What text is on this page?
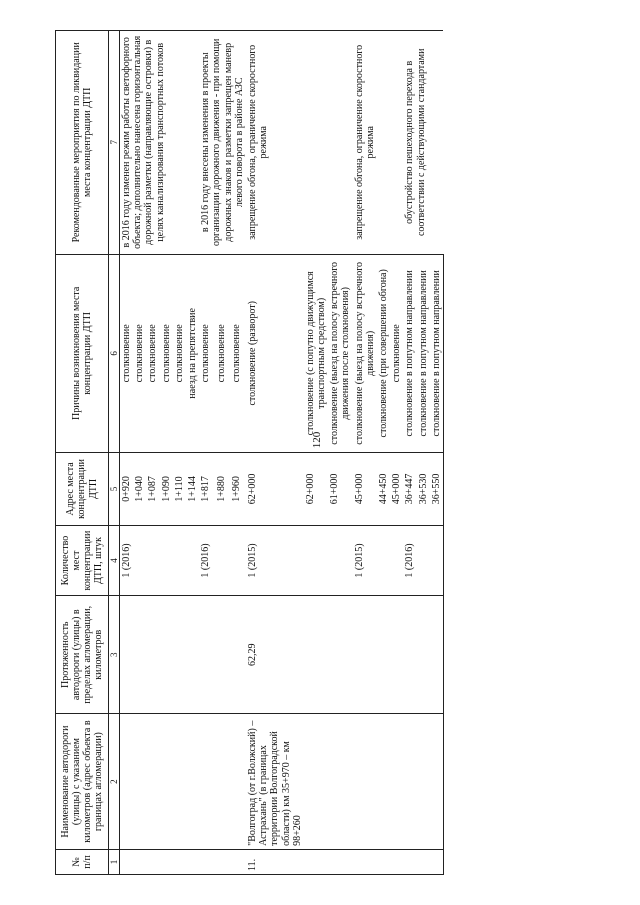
120
№ п/п	Наименование автодороги (улицы) с указанием километров (адрес объекта в границах агломерации)	Протяженность автодороги (улицы) в пределах агломерации, километров	Количество мест концентрации ДТП, штук	Адрес места концентрации ДТП	Причины возникновения места концентрации ДТП	Рекомендованные мероприятия по ликвидации места концентрации ДТП
1	2	3	4	5	6	7
			1 (2016)	0+920	столкновение	в 2016 году изменен режим работы светофорного объекта; дополнительно нанесена горизонтальная дорожной разметки (направляющие островки) в целях канализирования транспортных потоков
				1+040	столкновение	
				1+087	столкновение	
				1+090	столкновение	
				1+110	столкновение	
				1+144	наезд на препятствие	
			1 (2016)	1+817	столкновение	в 2016 году внесены изменения в проекты организации дорожного движения - при помощи дорожных знаков и разметки запрещен маневр левого поворота в районе АЗС
				1+880	столкновение	
				1+960	столкновение	
11.	"Волгоград (от г.Волжский) – Астрахань" (в границах территории Волгоградской области) км 35+970 – км 98+260	62,29	1 (2015)	62+000	столкновение (разворот)	запрещение обгона, ограничение скоростного режима
				62+000	столкновение (с попутно движущимся транспортным средством)	
				61+000	столкновение (выезд на полосу встречного движения после столкновения)	
			1 (2015)	45+000	столкновение (выезд на полосу встречного движения)	запрещение обгона, ограничение скоростного режима
				44+450	столкновение (при совершении обгона)	
				45+000	столкновение	
			1 (2016)	36+447	столкновение в попутном направлении	обустройство пешеходного перехода в соответствии с действующими стандартами
				36+530	столкновение в попутном направлении	
				36+550	столкновение в попутном направлении	
